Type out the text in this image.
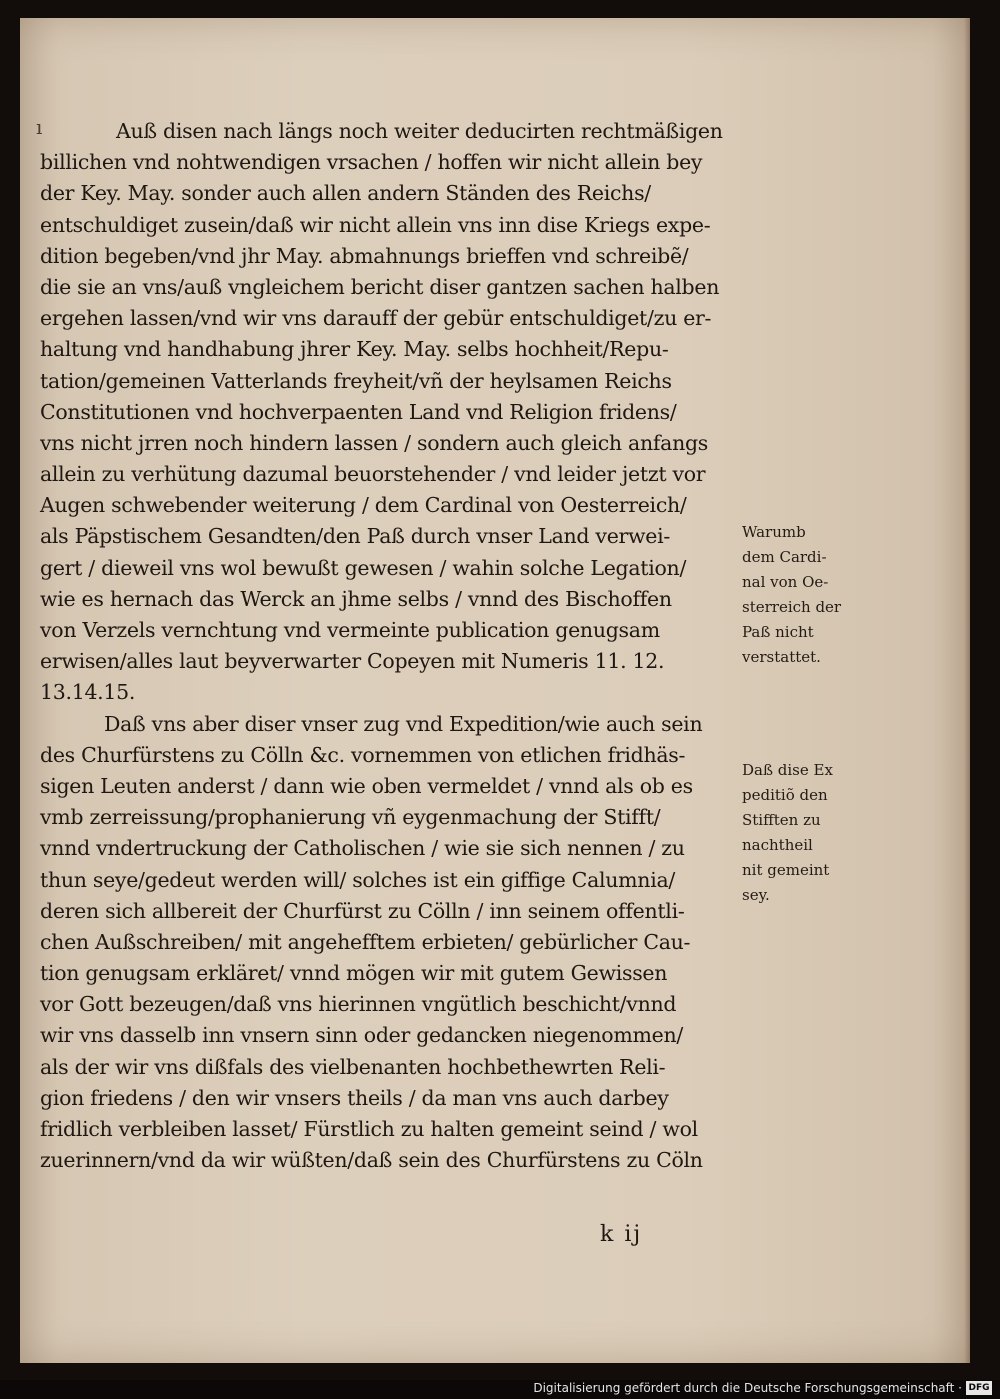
ı	Auß disen nach längs noch weiter deducirten rechtmäßigen
billichen vnd nohtwendigen vrsachen / hoffen wir nicht allein bey
der Key. May. sonder auch allen andern Ständen des Reichs/
entschuldiget zusein/daß wir nicht allein vns inn dise Kriegs expe-
dition begeben/vnd jhr May. abmahnungs brieffen vnd schreibẽ/
die sie an vns/auß vngleichem bericht diser gantzen sachen halben
ergehen lassen/vnd wir vns darauff der gebür entschuldiget/zu er-
haltung vnd handhabung jhrer Key. May. selbs hochheit/Repu-
tation/gemeinen Vatterlands freyheit/vñ der heylsamen Reichs
Constitutionen vnd hochverpaenten Land vnd Religion fridens/
vns nicht jrren noch hindern lassen / sondern auch gleich anfangs
allein zu verhütung dazumal beuorstehender / vnd leider jetzt vor
Augen schwebender weiterung / dem Cardinal von Oesterreich/
als Päpstischem Gesandten/den Paß durch vnser Land verwei-
gert / dieweil vns wol bewußt gewesen / wahin solche Legation/
wie es hernach das Werck an jhme selbs / vnnd des Bischoffen
von Verzels vernchtung vnd vermeinte publication genugsam
erwisen/alles laut beyverwarter Copeyen mit Numeris 11. 12.
13.14.15.
Daß vns aber diser vnser zug vnd Expedition/wie auch sein
des Churfürstens zu Cölln &c. vornemmen von etlichen fridhäs-
sigen Leuten anderst / dann wie oben vermeldet / vnnd als ob es
vmb zerreissung/prophanierung vñ eygenmachung der Stifft/
vnnd vndertruckung der Catholischen / wie sie sich nennen / zu
thun seye/gedeut werden will/ solches ist ein giffige Calumnia/
deren sich allbereit der Churfürst zu Cölln / inn seinem offentli-
chen Außschreiben/ mit angehefftem erbieten/ gebürlicher Cau-
tion genugsam erkläret/ vnnd mögen wir mit gutem Gewissen
vor Gott bezeugen/daß vns hierinnen vngütlich beschicht/vnnd
wir vns dasselb inn vnsern sinn oder gedancken niegenommen/
als der wir vns dißfals des vielbenanten hochbethewrten Reli-
gion friedens / den wir vnsers theils / da man vns auch darbey
fridlich verbleiben lasset/ Fürstlich zu halten gemeint seind / wol
zuerinnern/vnd da wir wüßten/daß sein des Churfürstens zu Cöln
Warumb
dem Cardi-
nal von Oe-
sterreich der
Paß nicht
verstattet.
Daß dise Ex
peditiõ den
Stifften zu
nachtheil
nit gemeint
sey.
k ij
Digitalisierung gefördert durch die Deutsche Forschungsgemeinschaft · DFG
